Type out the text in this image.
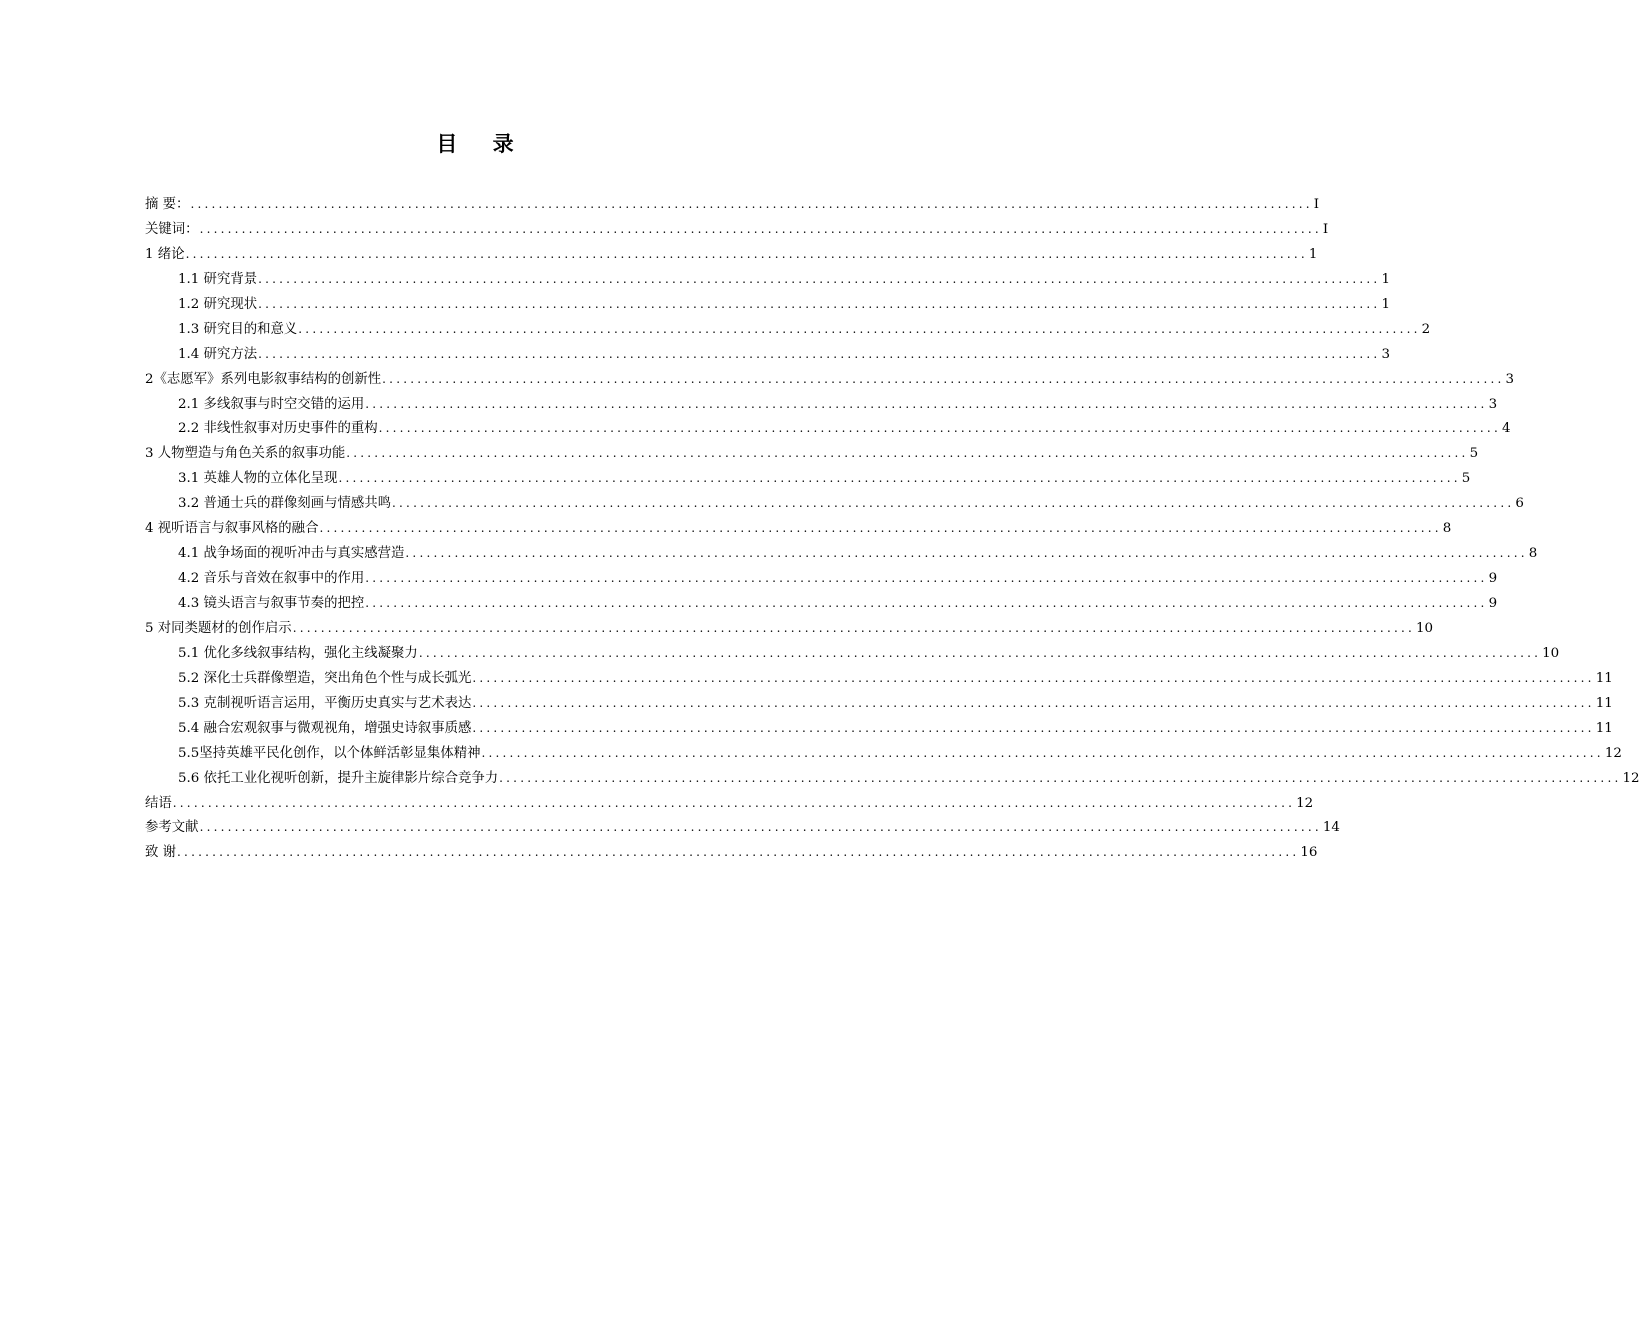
目 录
摘 要： ................................................................................................................................................................ I
关键词： ................................................................................................................................................................ I
1 绪论 ................................................................................................................................................................ 1
1.1 研究背景 ................................................................................................................................................................ 1
1.2 研究现状 ................................................................................................................................................................ 1
1.3 研究目的和意义 ................................................................................................................................................................ 2
1.4 研究方法 ................................................................................................................................................................ 3
2《志愿军》系列电影叙事结构的创新性 ................................................................................................................................................................ 3
2.1 多线叙事与时空交错的运用 ................................................................................................................................................................ 3
2.2 非线性叙事对历史事件的重构 ................................................................................................................................................................ 4
3 人物塑造与角色关系的叙事功能 ................................................................................................................................................................ 5
3.1 英雄人物的立体化呈现 ................................................................................................................................................................ 5
3.2 普通士兵的群像刻画与情感共鸣 ................................................................................................................................................................ 6
4 视听语言与叙事风格的融合 ................................................................................................................................................................ 8
4.1 战争场面的视听冲击与真实感营造 ................................................................................................................................................................ 8
4.2 音乐与音效在叙事中的作用 ................................................................................................................................................................ 9
4.3 镜头语言与叙事节奏的把控 ................................................................................................................................................................ 9
5 对同类题材的创作启示 ................................................................................................................................................................ 10
5.1 优化多线叙事结构，强化主线凝聚力 ................................................................................................................................................................ 10
5.2 深化士兵群像塑造，突出角色个性与成长弧光 ................................................................................................................................................................ 11
5.3 克制视听语言运用，平衡历史真实与艺术表达 ................................................................................................................................................................ 11
5.4 融合宏观叙事与微观视角，增强史诗叙事质感 ................................................................................................................................................................ 11
5.5坚持英雄平民化创作，以个体鲜活彰显集体精神 ................................................................................................................................................................ 12
5.6 依托工业化视听创新，提升主旋律影片综合竞争力 ................................................................................................................................................................ 12
结语 ................................................................................................................................................................ 12
参考文献 ................................................................................................................................................................ 14
致 谢 ................................................................................................................................................................ 16
